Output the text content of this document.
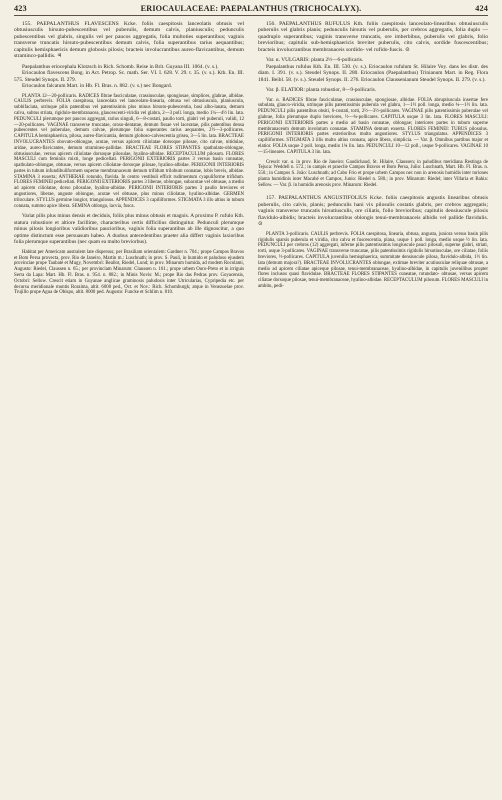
423	ERIOCAULACEAE: PAEPALANTHUS (TRICHOCALYX).	424

155. PAEPALANTHUS FLAVESCENS Kcke. foliis caespitosis lanceolatis obtusis vel obtusiusculis hirsuto-pubescentibus vel puberulis, demum calvis, planiusculis; pedunculis pubescentibus vel glabris, singulis vel per paucos aggregatis, folia multoties superantibus; vaginis transverse truncatis hirsuto-pubescentibus demum calvis, folia superantibus rarius aequantibus; capitulis hemisphaericis demum globosis pilosis; bracteis involucrantibus aureo-flavicantibus, demum straminco-pallidis. ♃

Paepalanthus eriocephala Klotzsch in Rich. Schomb. Reise in Brit. Guyana III. 1064. (v. s.).

Eriocaulon flavescens Bong. in Act. Petrop. Sc. math. Ser. VI. I. 628. V. 29. t. 35. (v. s.). Kth. En. III. 575. Steudel Synops. II. 279.

Eriocaulon falcatum Mart. in Hb. Fl. Bras. n. 882. (v. s.) nec Bongard.

PLANTA 12—20-pollicaris. RADICES fibrae fasciculatae, crassiusculae, spongiosae, simplices, glabrae, albidae. CAULIS perbrevis. FOLIA caespitosa, lanceolata vel lanceolato-linearia, obtusa vel obtusiuscula, planiuscula, subbifaciata, utrinque pilis patentibus vel patentissimis plus minus hirsuto-pubescentia, basi albo-lanata, demum calva, subtus striata, rigidulo-membranacea, glaucescenti-viridia vel glabra, 2—3 poll. longa, medio 1¼—4½ lin. lata. PEDUNCULI plerumque per paucos aggregati, rarius singuli, 6—8-costati, paullo torti, glabri vel puberuli, validi, 12—20-pollicares. VAGINAE transverse truncatae, oroso-dentatae, demum fissae vel laceratae, pilis patentibus densa pubescentes vel puberulae, demum calvae, plerumque folia superantes rarius aequantes, 2½—3-pollicares. CAPITULA hemisphaerica, pilosa, aureo-flavicantia, demum globoso-calvescentia grisea, 3—5 lin. lata. BRACTEAE INVOLUCRANTES obovato-oblongae, acutae, versus apicem ciliolatae dorsoque pilosae, cito calvae, nitidulae, aridae, aureo-flavicantes, demum stramineo-pallidae. BRACTEAE FLORES STIPANTES spathulato-oblongae, obtusiusculae, versus apicem ciliolatae dorsoque pilosulae, hyalino-albidae. RECEPTACULUM pilosum. FLORES MASCULI cum feminiis mixti, longe pedicellati. PERIGONII EXTERIORIS partes 3 versus basin connatae, spathulato-oblongae, obtusae, versus apicem ciliolatae dorsoque pilosae, hyalino-albidae. PERIGONII INTERIORIS partes in tubum infundibuliformem superne membranaceum demum trifidum trilobum connatae, lobis brevis, albidae. STAMINA 3 exserta; ANTHERAE rotundo, flavida. In centro vestibuli efficit rudimentum cyapuliforme trifidum. FLORES FEMINEI pedicellati. PERIGONII EXTERIORIS partes 3 liberae, oblongae, subacutae vel obtusae, a medio ad apicem ciliolatae, dorso pilosulae, hyalino-albidae. PERIGONII INTERIORIS partes 3 paullo breviores et angustiores, liberae, anguste oblongae, acutae vel obtusae, plus minus ciliolatae, hyalino-albidae. GERMEN triloculare. STYLUS germine longior, triangulosus. APPENDICES 3 capilliformes. STIGMATA 3 illo altius in tubum connata, summo apice libera. SEMINA oblonga, lacvia, fusca.

Variat pilis plus minus densis et deciduis, foliis plus minus obtusis et magnis. A proximo P. rufulo Kth. statura robustiore et altiore facillime, characteribus certis difficilius distinguitur. Pedunculi plerumque minus pilosis longioribus validioribus paucioribus, vaginis folia superantibus ab ille dignoscitur, a quo optime distinctum esse persuasum habeo. A duobus antecedentibus praeter alia differt vaginis laxioribus folia plerumque superantibus (nec quam ea multo breviorbus).

Habitat per Americam australem late dispersus; per Brasiliam orientalem: Gardner n. 704.; prope Campos Bravos et Bom Persa provecta, prov. Rio de Janeiro, Martin m.: Luschnath; in prov. S. Pauli, in humido et paludoso ejusdem provinciae prope Taubaté et Mugy, Novembri: Beallot, Riedel, Lund; in prov. Minarum humida, ad modem Rocolami, Augusto: Riedel, Claussen n. 65.; per provinciam Minarum: Claussen n. 161.; prope urbem Ouro-Preto et in irriguis Serra da Lapa: Mart. Hb. Fl. Bras. n. 954. n. 882.; in Minis Novis: M.; prope Rio das Pedras prov. Goyacensis, Octobri: Sellow. Crescit etiam in Guyanae anglicae graminosis paludosis inter Utricularias, Cypripedia etc. per decursu meridionale montis Roraima, altit. 6000 ped., Oct. et Nov.: Rich. Schomburgk; atque in Venezuelae prov. Trujillo prope Agua de Obispo, altit. 8000 ped. Augusto: Funcke et Schlim n. 810.

156. PAEPALANTHUS RUFULUS Kth. foliis caespitosis lanceolato-linearibus obtusiusculis puberulis vel glabris planis; pedunculis hirsutis vel puberulis, per crebros aggregatis, folia duplo — quadruplo superantibus; vaginis transverse truncatis, ore imberbibus, puberulis vel glabris, folio brevioribus; capitulis sub-hemisphaericis breviter puberulis, cito calvis, sordide fuscescentibus; bracteis involucrantibus membranaceis sordido- vel rufido-fuscis. ⊙

Var. α. VULGARIS: planta 2½—6-pollicaris.

Paepalanthus rufulus Kth. En. III. 530. (v. s.). Eriocaulon rufulum St. Hilaire Voy. dans les distr. des diam. I. 391. (v. s.). Steudel Synops. II. 280. Eriocaulon (Paepalanthus) Trinianum Mart. in Reg. Flora 1841. Beibl. 58. (v. s.). Steudel Synops. II. 276. Eriocaulon Claussenianum Steudel Synops. II. 279. (v. s.).

Var. β. ELATIOR: planta robustior, 8—9-pollicaris.

Var. α. RADICES fibrae fasciculatae, crassiusculae, spongiosae, albidae. FOLIA abruptiuscula insertae fere subulata, glauco-viridia, utrinque pilis patentissimis puberula vel glabra, 1—1½ poll. longa, medio ¾—1½ lin. lata. PEDUNCULI pilis patentibus obsiti, 6-costati, torti, 2½—3½-pollicares. VAGINAE pilis patentissimis puberulae vel glabrae, folia plerumque duplo breviores, ½—¾-pollicares. CAPITULA usque 3 lin. lata. FLORES MASCULI: PERIGONII EXTERIORIS partes a medio ad basin connatae, oblongae; interiores partes in tubum superne membranaceum demum involutum connatae. STAMINA demum exserta. FLORES FEMINEI: TUBUS pilosulus. PERIGONII INTERIORIS partes exterioribus multo angustiores. STYLUS triangulatus. APPENDICES 3 capilliformes. STIGMATA 3 illis multo altius connata, apice libera, simplicia. — Var. β. Omnibus partibus major et elatior. FOLIA usque 2 poll. longa, medio 1¾ lin. lata. PEDUNCULI 10—12 poll., usque 9-pollicares. VAGINAE 10—15-lineares. CAPITULA 3 lin. lata.

Crescit var. α. in prov. Rio de Janeiro: Gaudichaud, St. Hilaire, Claussen; in paludibus meridiana Restinga de Tejuca: Weddell n. 572.; in campis et praeclie Campos Bravos et Bom Persa, Julio: Luschnath, Mart. Hb. Fl. Bras. n. 550.; in Campos S. João: Luschnath; ad Cabo Frio et prope urbem Campos nec non in arenosis humidis inter turiones planta humidinis inter Macahé et Campos, Junio: Riedel n. 580.; in prov. Minarum: Riedel; inter Villaria et Bahia: Sellow. — Var. β. in humidis arenosis prov. Minarum: Riedel.

157. PAEPALANTHUS ANGUSTIFOLIUS Kcke. foliis caespitosis angustis linearibus obtusis puberulis, cito calvis, planis; pedunculis hani vix pilosulis costatis glabris, per crebros aggregatis; vaginis transverse truncatis hirsutiusculis, ore ciliatis, folio brevioribus; capitulis densiuscule pilosis flavidulo-albidis; bracteis involucrantibus oblongis tenui-membranaceis albidis vel pallide flavidulis. ⊙

PLANTA 3-pollicaris. CAULIS perbrevis. FOLIA caespitosa, linearia, obtusa, angusta, juniora versus basin pilis rigidulis sparsis puberula et viridia, cito calva et fuscescentia, plana, usque 1 poll. longa, medio usque ½ lin. lata. PEDUNCULI per crebros (12) aggregati, inferne pilis patentissimis longiuscule pauci pilosuli, superne glabri, striati, torti, usque 3-pollicares. VAGINAE transverse truncatae, pilis patentissimis rigidulis hirsutiusculae, ore ciliatae, foliis breviores, ½-pollicares. CAPITULA juvenilia hemisphaerica, summitate densiuscule pilosa, flavidulo-albida, 1½ lin. lata (demum majora?). BRACTEAE INVOLUCRANTES oblongae, extimae breviter acutiusculae reliquae obtusae, a medio ad apicem ciliatae apiceque pilosae, tenui-membranaceae, hyalino-albidae, in capitulis juvenilibus propter flores inclusos quasi flavidulae. BRACTEAE FLORES STIPANTES cuneatae, rotundato- obtusae, versus apicem ciliatae dorsoque pilosae, tenui-membranaceae, hyalino-albidae. RECEPTACULUM pilosum. FLORES MASCULI in ambitu, pedi-
